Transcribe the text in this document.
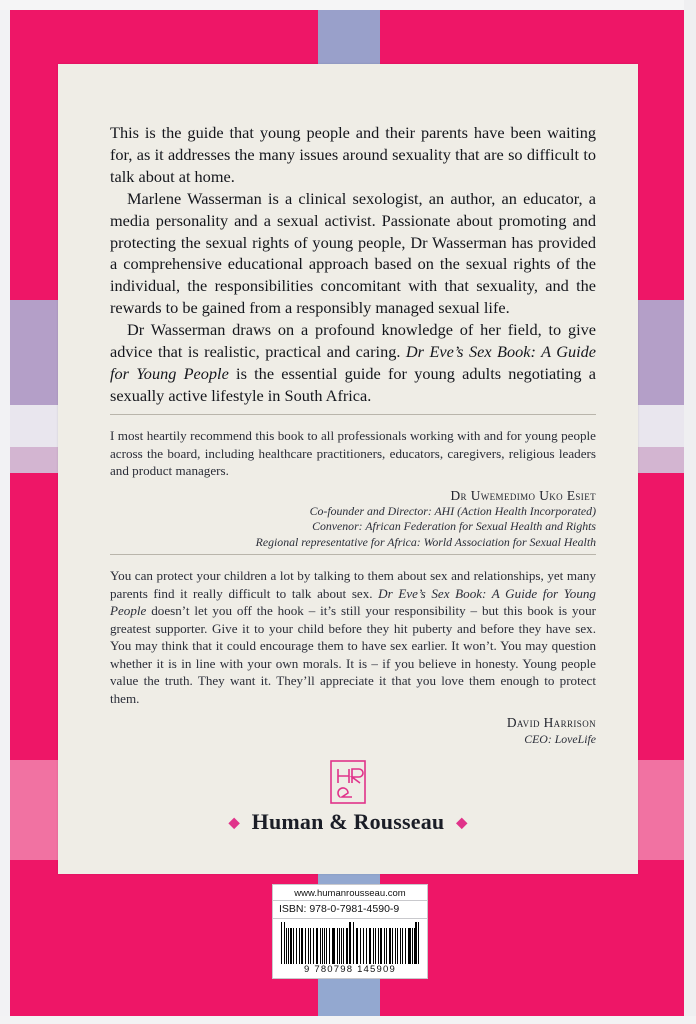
This is the guide that young people and their parents have been waiting for, as it addresses the many issues around sexuality that are so difficult to talk about at home.

Marlene Wasserman is a clinical sexologist, an author, an educator, a media personality and a sexual activist. Passionate about promoting and protecting the sexual rights of young people, Dr Wasserman has provided a comprehensive educational approach based on the sexual rights of the individual, the responsibilities concomitant with that sexuality, and the rewards to be gained from a responsibly managed sexual life.

Dr Wasserman draws on a profound knowledge of her field, to give advice that is realistic, practical and caring. Dr Eve’s Sex Book: A Guide for Young People is the essential guide for young adults negotiating a sexually active lifestyle in South Africa.

I most heartily recommend this book to all professionals working with and for young people across the board, including healthcare practitioners, educators, caregivers, religious leaders and product managers.
Dr Uwemedimo Uko Esiet
Co-founder and Director: AHI (Action Health Incorporated)
Convenor: African Federation for Sexual Health and Rights
Regional representative for Africa: World Association for Sexual Health
You can protect your children a lot by talking to them about sex and relationships, yet many parents find it really difficult to talk about sex. Dr Eve’s Sex Book: A Guide for Young People doesn’t let you off the hook – it’s still your responsibility – but this book is your greatest supporter. Give it to your child before they hit puberty and before they have sex. You may think that it could encourage them to have sex earlier. It won’t. You may question whether it is in line with your own morals. It is – if you believe in honesty. Young people value the truth. They want it. They’ll appreciate it that you love them enough to protect them.
David Harrison
CEO: LoveLife
◆ Human & Rousseau ◆
www.humanrousseau.com
ISBN: 978-0-7981-4590-9
9 780798 145909
